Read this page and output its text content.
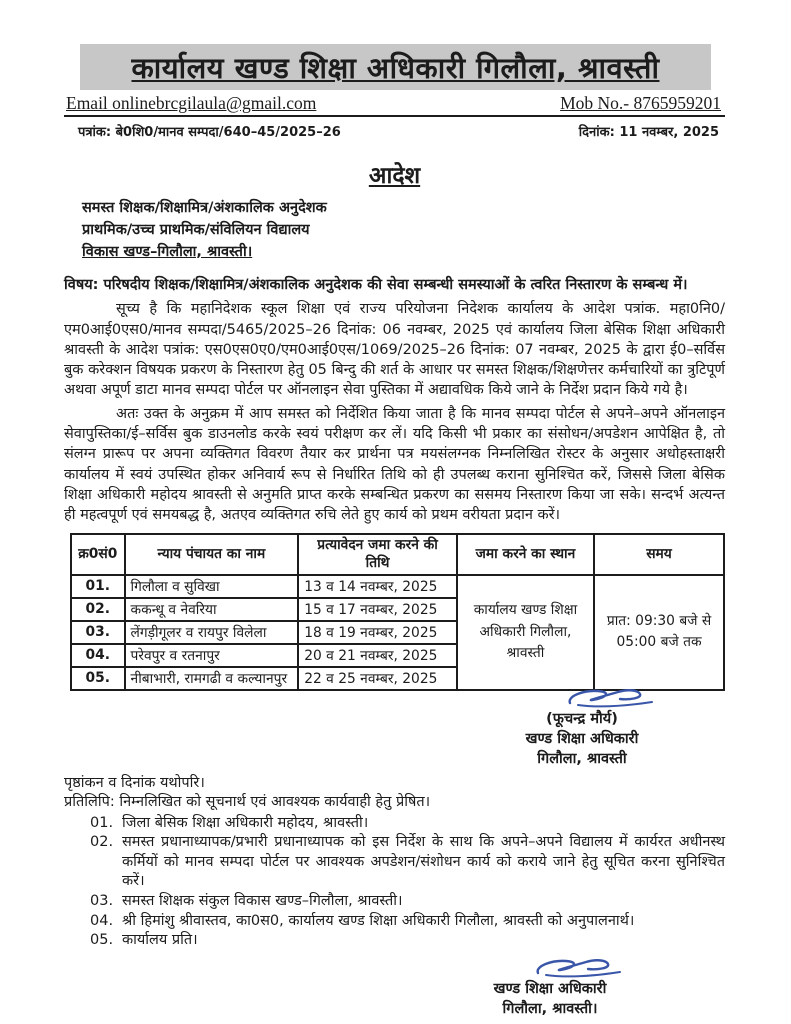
कार्यालय खण्ड शिक्षा अधिकारी गिलौला, श्रावस्ती
Email onlinebrcgilaula@gmail.com	Mob No.- 8765959201
पत्रांक: बे0शि0/मानव सम्पदा/640–45/2025–26	दिनांक: 11 नवम्बर, 2025
आदेश
समस्त शिक्षक/शिक्षामित्र/अंशकालिक अनुदेशक
प्राथमिक/उच्च प्राथमिक/संविलियन विद्यालय
विकास खण्ड–गिलौला, श्रावस्ती।
विषय: परिषदीय शिक्षक/शिक्षामित्र/अंशकालिक अनुदेशक की सेवा सम्बन्धी समस्याओं के त्वरित निस्तारण के सम्बन्ध में।

सूच्य है कि महानिदेशक स्कूल शिक्षा एवं राज्य परियोजना निदेशक कार्यालय के आदेश पत्रांक. महा0नि0/एम0आई0एस0/मानव सम्पदा/5465/2025–26 दिनांक: 06 नवम्बर, 2025 एवं कार्यालय जिला बेसिक शिक्षा अधिकारी श्रावस्ती के आदेश पत्रांक: एस0एस0ए0/एम0आई0एस/1069/2025–26 दिनांक: 07 नवम्बर, 2025 के द्वारा ई0–सर्विस बुक करेक्शन विषयक प्रकरण के निस्तारण हेतु 05 बिन्दु की शर्त के आधार पर समस्त शिक्षक/शिक्षणेत्तर कर्मचारियों का त्रुटिपूर्ण अथवा अपूर्ण डाटा मानव सम्पदा पोर्टल पर ऑनलाइन सेवा पुस्तिका में अद्यावधिक किये जाने के निर्देश प्रदान किये गये है।

अतः उक्त के अनुक्रम में आप समस्त को निर्देशित किया जाता है कि मानव सम्पदा पोर्टल से अपने–अपने ऑनलाइन सेवापुस्तिका/ई–सर्विस बुक डाउनलोड करके स्वयं परीक्षण कर लें। यदि किसी भी प्रकार का संसोधन/अपडेशन आपेक्षित है, तो संलग्न प्रारूप पर अपना व्यक्तिगत विवरण तैयार कर प्रार्थना पत्र मयसंलग्नक निम्नलिखित रोस्टर के अनुसार अधोहस्ताक्षरी कार्यालय में स्वयं उपस्थित होकर अनिवार्य रूप से निर्धारित तिथि को ही उपलब्ध कराना सुनिश्चित करें, जिससे जिला बेसिक शिक्षा अधिकारी महोदय श्रावस्ती से अनुमति प्राप्त करके सम्बन्धित प्रकरण का ससमय निस्तारण किया जा सके। सन्दर्भ अत्यन्त ही महत्वपूर्ण एवं समयबद्ध है, अतएव व्यक्तिगत रुचि लेते हुए कार्य को प्रथम वरीयता प्रदान करें।

क्र0सं0	न्याय पंचायत का नाम	प्रत्यावेदन जमा करने की तिथि	जमा करने का स्थान	समय
01.	गिलौला व सुविखा	13 व 14 नवम्बर, 2025	कार्यालय खण्ड शिक्षा अधिकारी गिलौला, श्रावस्ती	प्रात: 09:30 बजे से 05:00 बजे तक
02.	ककन्धू व नेवरिया	15 व 17 नवम्बर, 2025		
03.	लेंगड़ीगूलर व रायपुर विलेला	18 व 19 नवम्बर, 2025		
04.	परेवपुर व रतनापुर	20 व 21 नवम्बर, 2025		
05.	नीबाभारी, रामगढी व कल्यानपुर	22 व 25 नवम्बर, 2025		
(फूचन्द्र मौर्य)
खण्ड शिक्षा अधिकारी
गिलौला, श्रावस्ती
पृष्ठांकन व दिनांक यथोपरि।
प्रतिलिपि: निम्नलिखित को सूचनार्थ एवं आवश्यक कार्यवाही हेतु प्रेषित।
01. जिला बेसिक शिक्षा अधिकारी महोदय, श्रावस्ती।
02. समस्त प्रधानाध्यापक/प्रभारी प्रधानाध्यापक को इस निर्देश के साथ कि अपने–अपने विद्यालय में कार्यरत अधीनस्थ कर्मियों को मानव सम्पदा पोर्टल पर आवश्यक अपडेशन/संशोधन कार्य को कराये जाने हेतु सूचित करना सुनिश्चित करें।
03. समस्त शिक्षक संकुल विकास खण्ड–गिलौला, श्रावस्ती।
04. श्री हिमांशु श्रीवास्तव, का0स0, कार्यालय खण्ड शिक्षा अधिकारी गिलौला, श्रावस्ती को अनुपालनार्थ।
05. कार्यालय प्रति।
खण्ड शिक्षा अधिकारी
गिलौला, श्रावस्ती।
